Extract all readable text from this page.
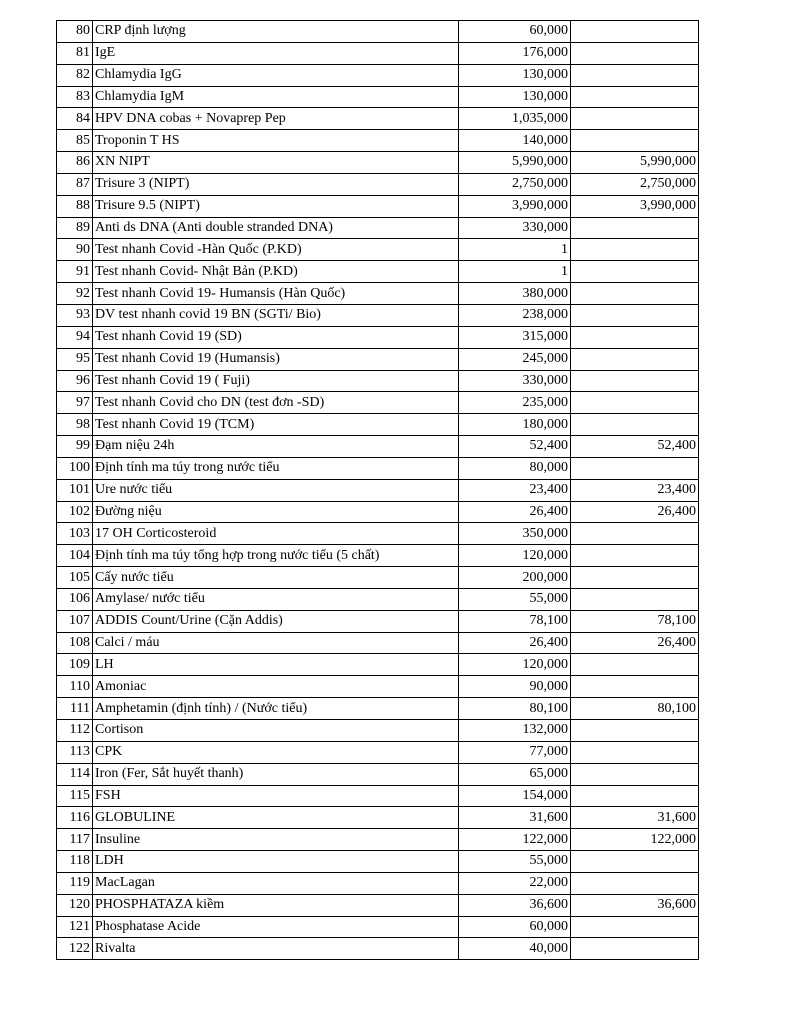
80	CRP định lượng	60,000	
81	IgE	176,000	
82	Chlamydia IgG	130,000	
83	Chlamydia IgM	130,000	
84	HPV DNA cobas + Novaprep Pep	1,035,000	
85	Troponin T HS	140,000	
86	XN NIPT	5,990,000	5,990,000
87	Trisure 3 (NIPT)	2,750,000	2,750,000
88	Trisure 9.5 (NIPT)	3,990,000	3,990,000
89	Anti ds DNA (Anti double stranded DNA)	330,000	
90	Test nhanh Covid -Hàn Quốc (P.KD)	1	
91	Test nhanh Covid- Nhật Bản (P.KD)	1	
92	Test nhanh Covid 19- Humansis (Hàn Quốc)	380,000	
93	DV test nhanh covid 19 BN (SGTi/ Bio)	238,000	
94	Test nhanh Covid 19 (SD)	315,000	
95	Test nhanh Covid 19 (Humansis)	245,000	
96	Test nhanh Covid 19 ( Fuji)	330,000	
97	Test nhanh Covid cho DN (test đơn -SD)	235,000	
98	Test nhanh Covid 19 (TCM)	180,000	
99	Đạm niệu 24h	52,400	52,400
100	Định tính ma túy trong nước tiểu	80,000	
101	Ure nước tiểu	23,400	23,400
102	Đường niệu	26,400	26,400
103	17 OH Corticosteroid	350,000	
104	Định tính ma túy tổng hợp trong nước tiểu (5 chất)	120,000	
105	Cấy nước tiểu	200,000	
106	Amylase/ nước tiểu	55,000	
107	ADDIS Count/Urine (Cặn Addis)	78,100	78,100
108	Calci / máu	26,400	26,400
109	LH	120,000	
110	Amoniac	90,000	
111	Amphetamin (định tính) / (Nước tiểu)	80,100	80,100
112	Cortison	132,000	
113	CPK	77,000	
114	Iron (Fer, Sắt huyết thanh)	65,000	
115	FSH	154,000	
116	GLOBULINE	31,600	31,600
117	Insuline	122,000	122,000
118	LDH	55,000	
119	MacLagan	22,000	
120	PHOSPHATAZA kiềm	36,600	36,600
121	Phosphatase Acide	60,000	
122	Rivalta	40,000	
